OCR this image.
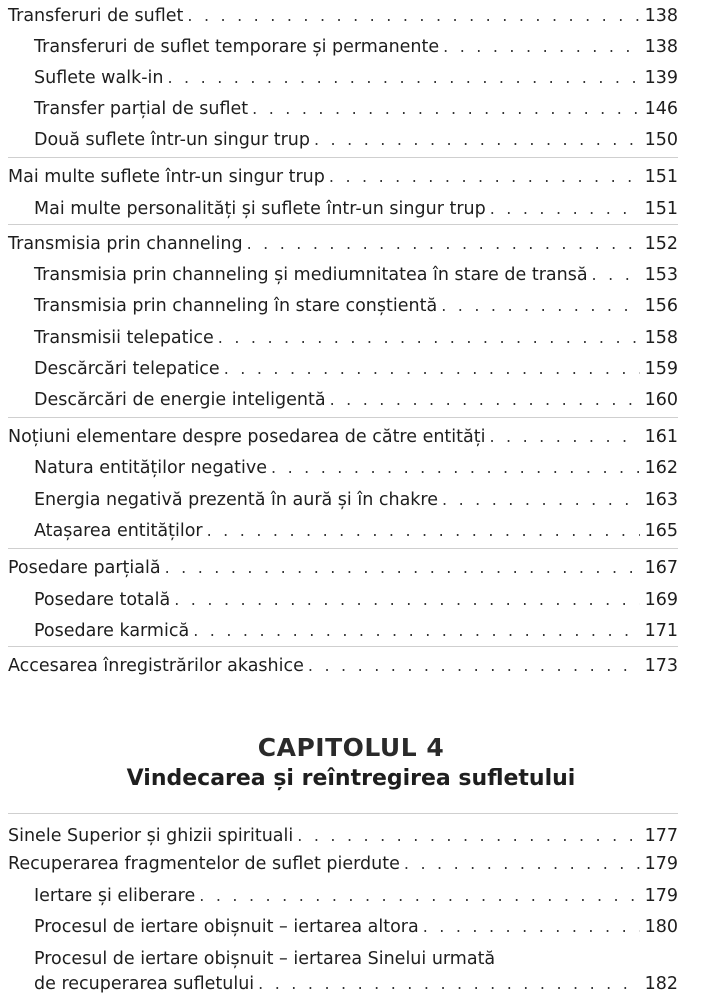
Transferuri de suflet . . .	138
Transferuri de suflet temporare și permanente . . .	138
Suflete walk-in . . .	139
Transfer parțial de suflet . . .	146
Două suflete într-un singur trup . . .	150
Mai multe suflete într-un singur trup . . .	151
Mai multe personalități și suflete într-un singur trup . . .	151
Transmisia prin channeling . . .	152
Transmisia prin channeling și mediumnitatea în stare de transă . . .	153
Transmisia prin channeling în stare conștientă . . .	156
Transmisii telepatice . . .	158
Descărcări telepatice . . .	159
Descărcări de energie inteligentă . . .	160
Noțiuni elementare despre posedarea de către entități . . .	161
Natura entităților negative . . .	162
Energia negativă prezentă în aură și în chakre . . .	163
Atașarea entităților . . .	165
Posedare parțială . . .	167
Posedare totală . . .	169
Posedare karmică . . .	171
Accesarea înregistrărilor akashice . . .	173
Sinele Superior și ghizii spirituali . . .	177
Recuperarea fragmentelor de suflet pierdute . . .	179
Iertare și eliberare . . .	179
Procesul de iertare obișnuit – iertarea altora . . .	180
CAPITOLUL 4
Vindecarea și reîntregirea sufletului
Procesul de iertare obișnuit – iertarea Sinelui urmată
de recuperarea sufletului . . .	182
